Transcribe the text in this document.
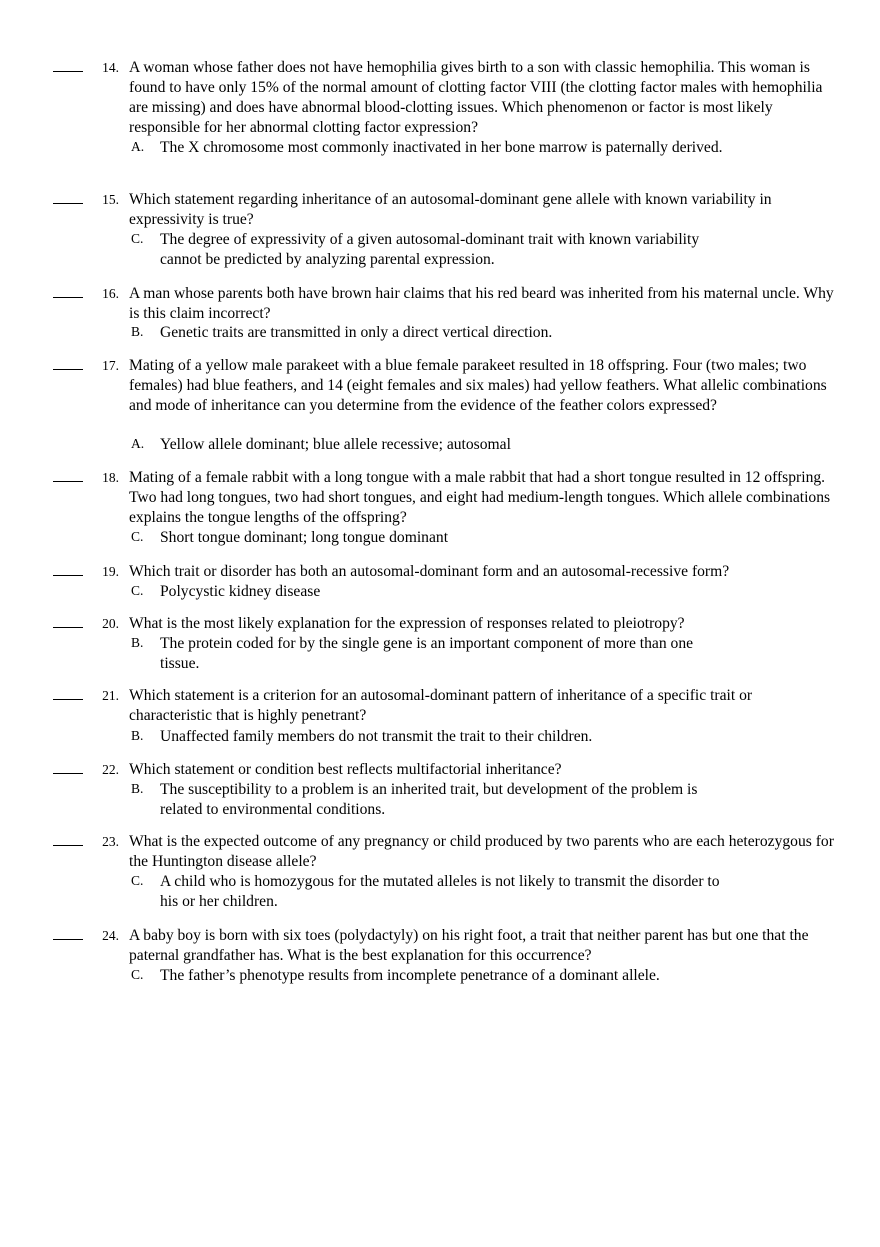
14. A woman whose father does not have hemophilia gives birth to a son with classic hemophilia. This woman is found to have only 15% of the normal amount of clotting factor VIII (the clotting factor males with hemophilia are missing) and does have abnormal blood-clotting issues. Which phenomenon or factor is most likely responsible for her abnormal clotting factor expression?
A. The X chromosome most commonly inactivated in her bone marrow is paternally derived.
15. Which statement regarding inheritance of an autosomal-dominant gene allele with known variability in expressivity is true?
C. The degree of expressivity of a given autosomal-dominant trait with known variability cannot be predicted by analyzing parental expression.
16. A man whose parents both have brown hair claims that his red beard was inherited from his maternal uncle. Why is this claim incorrect?
B. Genetic traits are transmitted in only a direct vertical direction.
17. Mating of a yellow male parakeet with a blue female parakeet resulted in 18 offspring. Four (two males; two females) had blue feathers, and 14 (eight females and six males) had yellow feathers. What allelic combinations and mode of inheritance can you determine from the evidence of the feather colors expressed?
A. Yellow allele dominant; blue allele recessive; autosomal
18. Mating of a female rabbit with a long tongue with a male rabbit that had a short tongue resulted in 12 offspring. Two had long tongues, two had short tongues, and eight had medium-length tongues. Which allele combinations explains the tongue lengths of the offspring?
C. Short tongue dominant; long tongue dominant
19. Which trait or disorder has both an autosomal-dominant form and an autosomal-recessive form?
C. Polycystic kidney disease
20. What is the most likely explanation for the expression of responses related to pleiotropy?
B. The protein coded for by the single gene is an important component of more than one tissue.
21. Which statement is a criterion for an autosomal-dominant pattern of inheritance of a specific trait or characteristic that is highly penetrant?
B. Unaffected family members do not transmit the trait to their children.
22. Which statement or condition best reflects multifactorial inheritance?
B. The susceptibility to a problem is an inherited trait, but development of the problem is related to environmental conditions.
23. What is the expected outcome of any pregnancy or child produced by two parents who are each heterozygous for the Huntington disease allele?
C. A child who is homozygous for the mutated alleles is not likely to transmit the disorder to his or her children.
24. A baby boy is born with six toes (polydactyly) on his right foot, a trait that neither parent has but one that the paternal grandfather has. What is the best explanation for this occurrence?
C. The father’s phenotype results from incomplete penetrance of a dominant allele.
